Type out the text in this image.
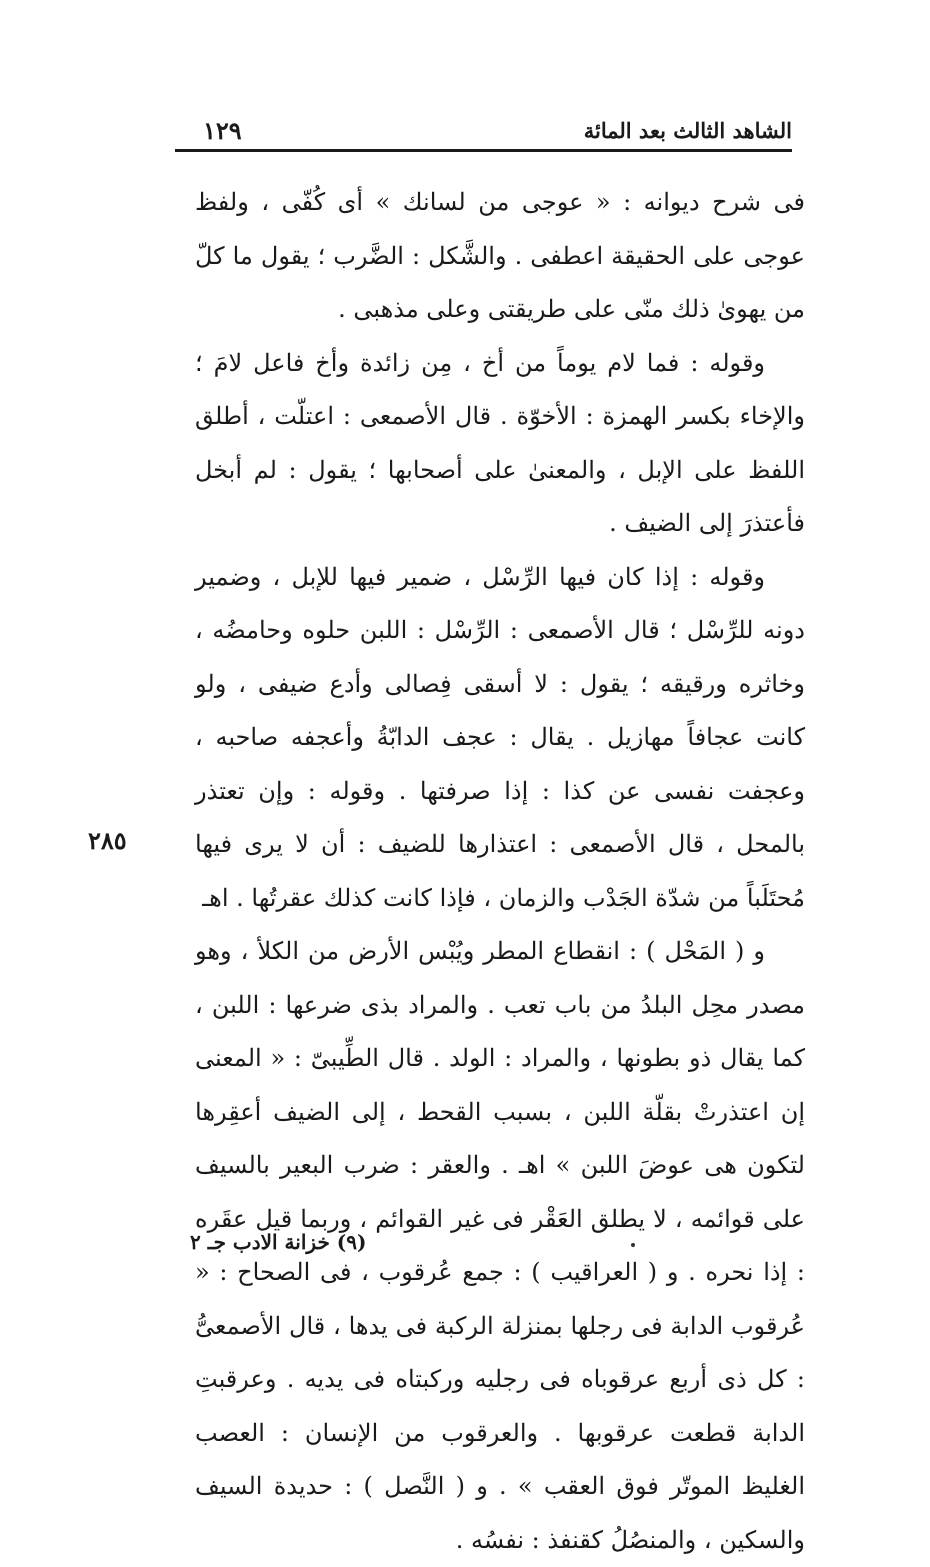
الشاهد الثالث بعد المائة
١٢٩

فى شرح ديوانه : « عوجى من لسانك » أى كُفّى ، ولفظ عوجى على الحقيقة اعطفى . والشَّكل : الضَّرب ؛ يقول ما كلّ من يهوىٰ ذلك منّى على طريقتى وعلى مذهبى .

وقوله : فما لام يوماً من أخ ، مِن زائدة وأخ فاعل لامَ ؛ والإخاء بكسر الهمزة : الأخوّة . قال الأصمعى : اعتلّت ، أطلق اللفظ على الإبل ، والمعنىٰ على أصحابها ؛ يقول : لم أبخل فأعتذرَ إلى الضيف .

وقوله : إذا كان فيها الرِّسْل ، ضمير فيها للإبل ، وضمير دونه للرِّسْل ؛ قال الأصمعى : الرِّسْل : اللبن حلوه وحامضُه ، وخاثره ورقيقه ؛ يقول : لا أسقى فِصالى وأدع ضيفى ، ولو كانت عجافاً مهازيل . يقال : عجف الدابّةُ وأعجفه صاحبه ، وعجفت نفسى عن كذا : إذا صرفتها . وقوله : وإن تعتذر بالمحل ، قال الأصمعى : اعتذارها للضيف : أن لا يرى فيها مُحتَلَباً من شدّة الجَدْب والزمان ، فإذا كانت كذلك عقرتُها . اهـ

و ( المَحْل ) : انقطاع المطر ويُبْس الأرض من الكلأ ، وهو مصدر محِل البلدُ من باب تعب . والمراد بذى ضرعها : اللبن ، كما يقال ذو بطونها ، والمراد : الولد . قال الطِّيبىّ : « المعنى إن اعتذرتْ بقلّة اللبن ، بسبب القحط ، إلى الضيف أعقِرها لتكون هى عوضَ اللبن » اهـ . والعقر : ضرب البعير بالسيف على قوائمه ، لا يطلق العَقْر فى غير القوائم ، وربما قيل عقَره : إذا نحره . و ( العراقيب ) : جمع عُرقوب ، فى الصحاح : « عُرقوب الدابة فى رجلها بمنزلة الركبة فى يدها ، قال الأصمعىُّ : كل ذى أربع عرقوباه فى رجليه وركبتاه فى يديه . وعرقبتِ الدابة قطعت عرقوبها . والعرقوب من الإنسان : العصب الغليظ الموتّر فوق العقب » . و ( النَّصل ) : حديدة السيف والسكين ، والمنصُلُ كقنفذ : نفسُه .

٢٨٥
(٩) خزانة الادب جـ ٢
